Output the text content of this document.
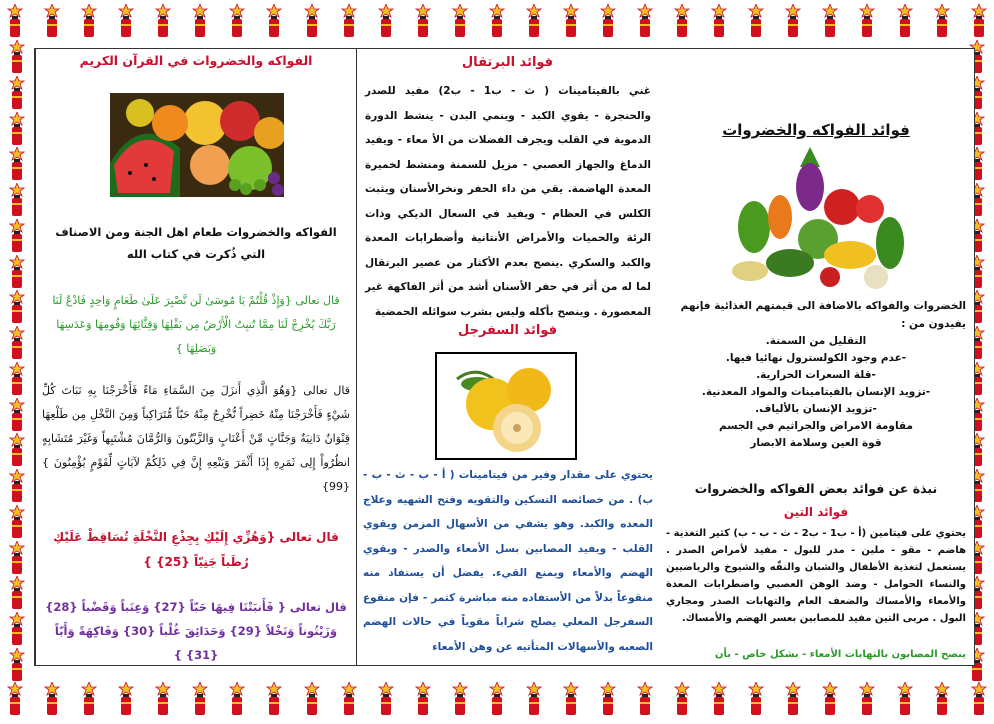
الفواكه والخضروات في القرآن الكريم

الفواكه والخضروات طعام اهل الجنة ومن الاصناف التي ذُكرت في كتاب الله

قال تعالى {وَإِذْ قُلْتُمْ يَا مُوسَىٰ لَن نَّصْبِرَ عَلَىٰ طَعَامٍ وَاحِدٍ فَادْعُ لَنَا رَبَّكَ يُخْرِجْ لَنَا مِمَّا تُنبِتُ الْأَرْضُ مِن بَقْلِهَا وَقِثَّائِهَا وَفُومِهَا وَعَدَسِهَا وَبَصَلِهَا }

قال تعالى {وَهُوَ الَّذِي أَنزَلَ مِنَ السَّمَاءِ مَاءً فَأَخْرَجْنَا بِهِ نَبَاتَ كُلِّ شَيْءٍ فَأَخْرَجْنَا مِنْهُ خَضِراً نُّخْرِجُ مِنْهُ حَبّاً مُّتَرَاكِباً وَمِنَ النَّخْلِ مِن طَلْعِهَا قِنْوَانٌ دَانِيَةٌ وَجَنَّاتٍ مِّنْ أَعْنَابٍ وَالزَّيْتُونَ وَالرُّمَّانَ مُشْتَبِهاً وَغَيْرَ مُتَشَابِهٍ انظُرُواْ إِلِى ثَمَرِهِ إِذَا أَثْمَرَ وَيَنْعِهِ إِنَّ فِي ذَلِكُمْ لآيَاتٍ لِّقَوْمٍ يُؤْمِنُونَ }{99}

قال تعالى {وَهُزِّي إِلَيْكِ بِجِذْعِ النَّخْلَةِ تُسَاقِطْ عَلَيْكِ رُطَباً جَنِيّاً {25} }

قال تعالى { فَأَنبَتْنَا فِيهَا حَبّاً {27} وَعِنَباً وَقَضْباً {28} وَزَيْتُوناً وَنَخْلاً {29} وَحَدَائِقَ غُلْباً {30} وَفَاكِهَةً وَأَبّاً {31} }

فوائد البرتقال

غني بالفيتامينات ( ث - ب1 - ب2) مفيد للصدر والحنجرة - يقوي الكبد - وينمي البدن - ينشط الدورة الدموية في القلب ويجرف الفضلات من الأ معاء - ويفيد الدماغ والجهاز العصبي - مزيل للسمنة ومنشط لخميرة المعدة الهاضمة. يقي من داء الحفر ونخرالأسنان ويثبت الكلس في العظام - ويفيد في السعال الديكي وذات الرئة والحميات والأمراض الأنتانية وأضطرابات المعدة والكبد والسكري .ينصح بعدم الأكثار من عصير البرتقال لما له من أثر في حفر الأسنان أشد من أثر الفاكهة غير المعصورة . وينصح بأكله وليس بشرب سوائله الحمضية

فوائد السفرجل

يحتوي على مقدار وفير من فيتامينات ( أ - ب - ث - ب - ب) . من خصائصه التسكين والتقويه وفتح الشهيه وعلاج المعده والكبد. وهو يشفي من الأسهال المزمن ويقوي القلب - ويفيد المصابين بسل الأمعاء والصدر - ويقوي الهضم والأمعاء ويمنع القيء. يفضل أن يستفاد منه منقوعاً بدلاً من الأستفاده منه مباشرة كثمر - فإن منقوع السفرجل المغلي يصلح شراباً مقوياً في حالات الهضم الصعبه والأسهالات المتأتيه عن وهن الأمعاء

فوائد الفواكه والخضروات

الخضروات والفواكه بالاضافة الى قيمتهم الغذائية فإنهم يفيدون من :

التقليل من السمنة.

-عدم وجود الكولسترول نهائيا فيها.

-قلة السعرات الحرارية.

-تزويد الإنسان بالفيتامينات والمواد المعدنية.

-تزويد الإنسان بالألياف.

مقاومة الامراض والجراثيم في الجسم

قوة العين وسلامة الابصار

نبذة عن فوائد بعض الفواكه والخضروات
فوائد التين

يحتوي على فيتامين (أ - ب1 - ب2 - ث - ب - ب) كثير التغذية - هاضم - مقو - ملين - مدر للبول - مفيد لأمراض الصدر . يستعمل لتغذية الأطفال والشبان والنقّه والشيوخ والرياضيين والنساء الحوامل - وضد الوهن العصبي واضطرابات المعدة والأمعاء والأمساك والضعف العام والتهابات الصدر ومجاري البول . مربى التين مفيد للمصابين بعسر الهضم والأمساك.

ينصح المصابون بالتهابات الأمعاء - بشكل خاص - بأن
